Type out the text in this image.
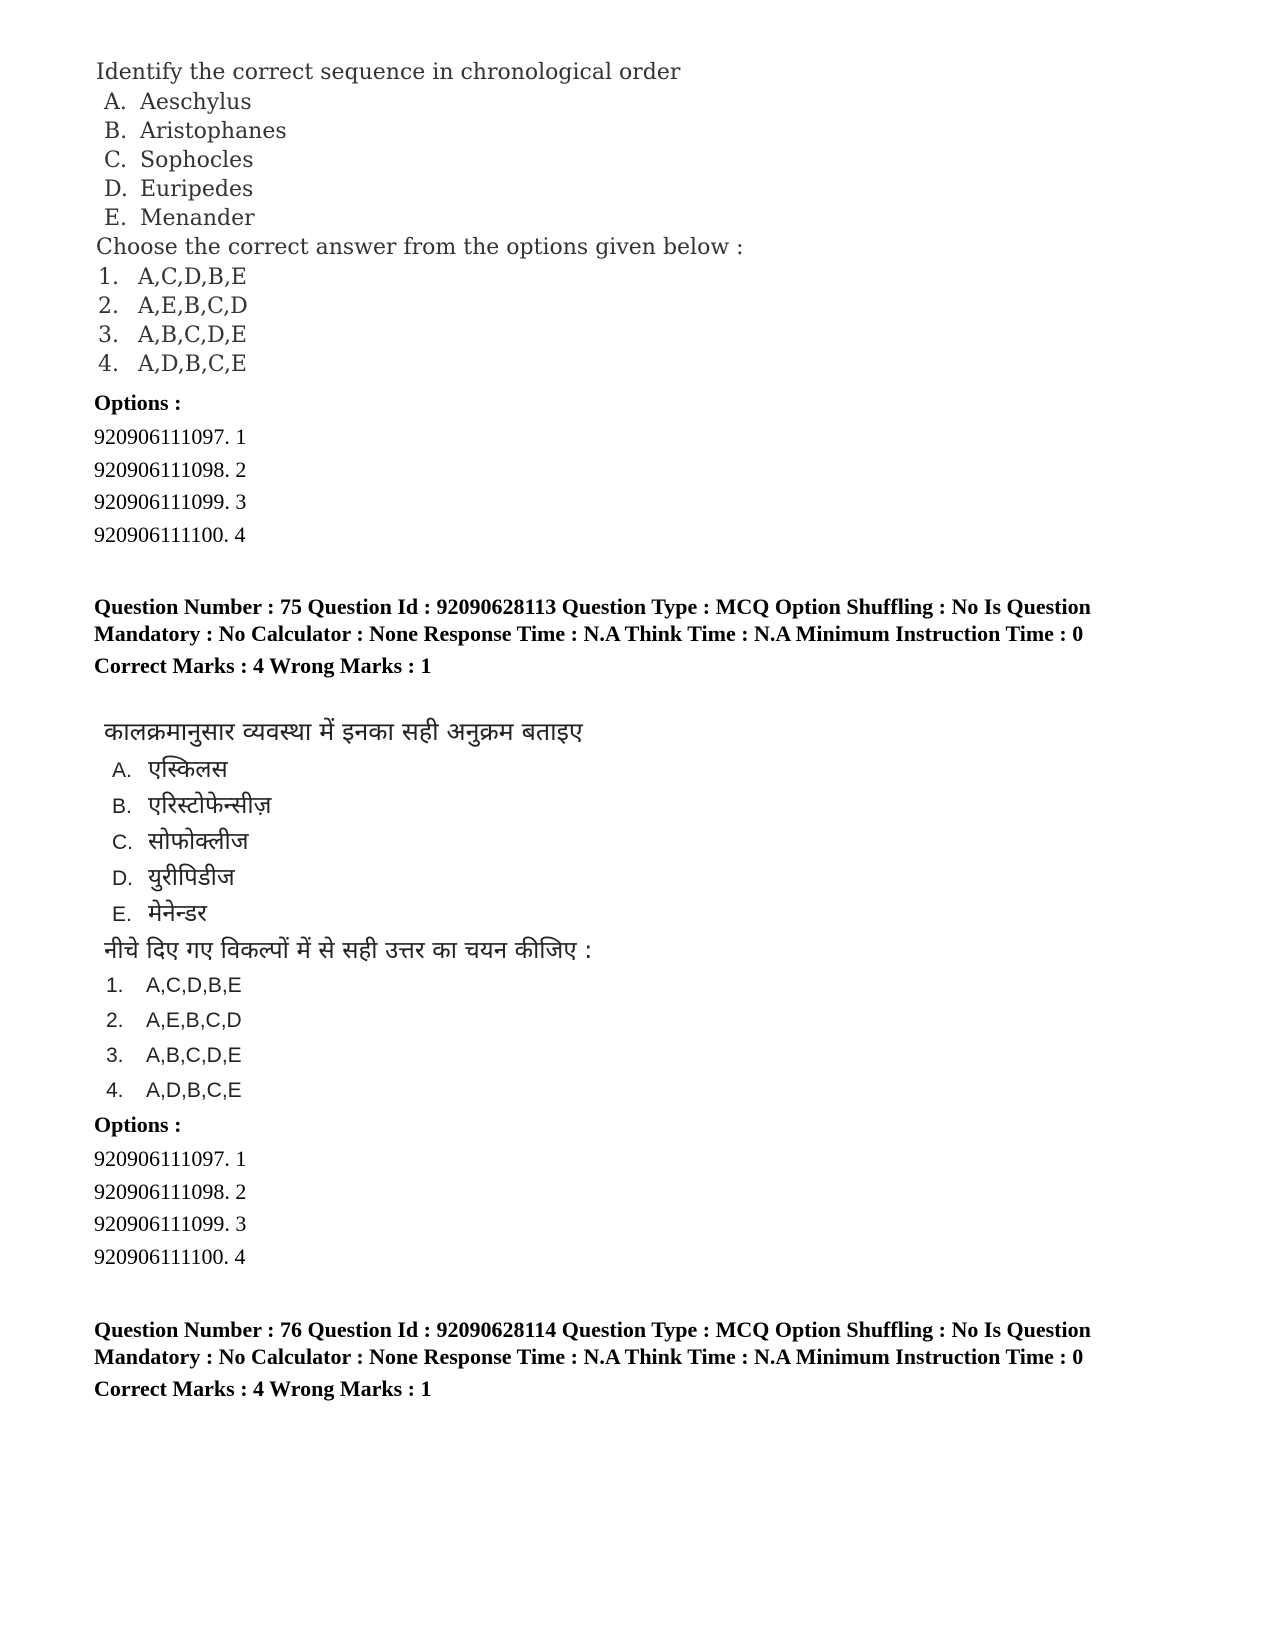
Identify the correct sequence in chronological order

A. Aeschylus

B. Aristophanes

C. Sophocles

D. Euripedes

E. Menander

Choose the correct answer from the options given below :

1. A,C,D,B,E

2. A,E,B,C,D

3. A,B,C,D,E

4. A,D,B,C,E

Options :

920906111097. 1

920906111098. 2

920906111099. 3

920906111100. 4

Question Number : 75 Question Id : 92090628113 Question Type : MCQ Option Shuffling : No Is Question Mandatory : No Calculator : None Response Time : N.A Think Time : N.A Minimum Instruction Time : 0

Correct Marks : 4 Wrong Marks : 1

कालक्रमानुसार व्यवस्था में इनका सही अनुक्रम बताइए

A. एस्किलस

B. एरिस्टोफेन्सीज़

C. सोफोक्लीज

D. युरीपिडीज

E. मेनेन्डर

नीचे दिए गए विकल्पों में से सही उत्तर का चयन कीजिए :

1. A,C,D,B,E

2. A,E,B,C,D

3. A,B,C,D,E

4. A,D,B,C,E

Options :

920906111097. 1

920906111098. 2

920906111099. 3

920906111100. 4

Question Number : 76 Question Id : 92090628114 Question Type : MCQ Option Shuffling : No Is Question Mandatory : No Calculator : None Response Time : N.A Think Time : N.A Minimum Instruction Time : 0

Correct Marks : 4 Wrong Marks : 1
